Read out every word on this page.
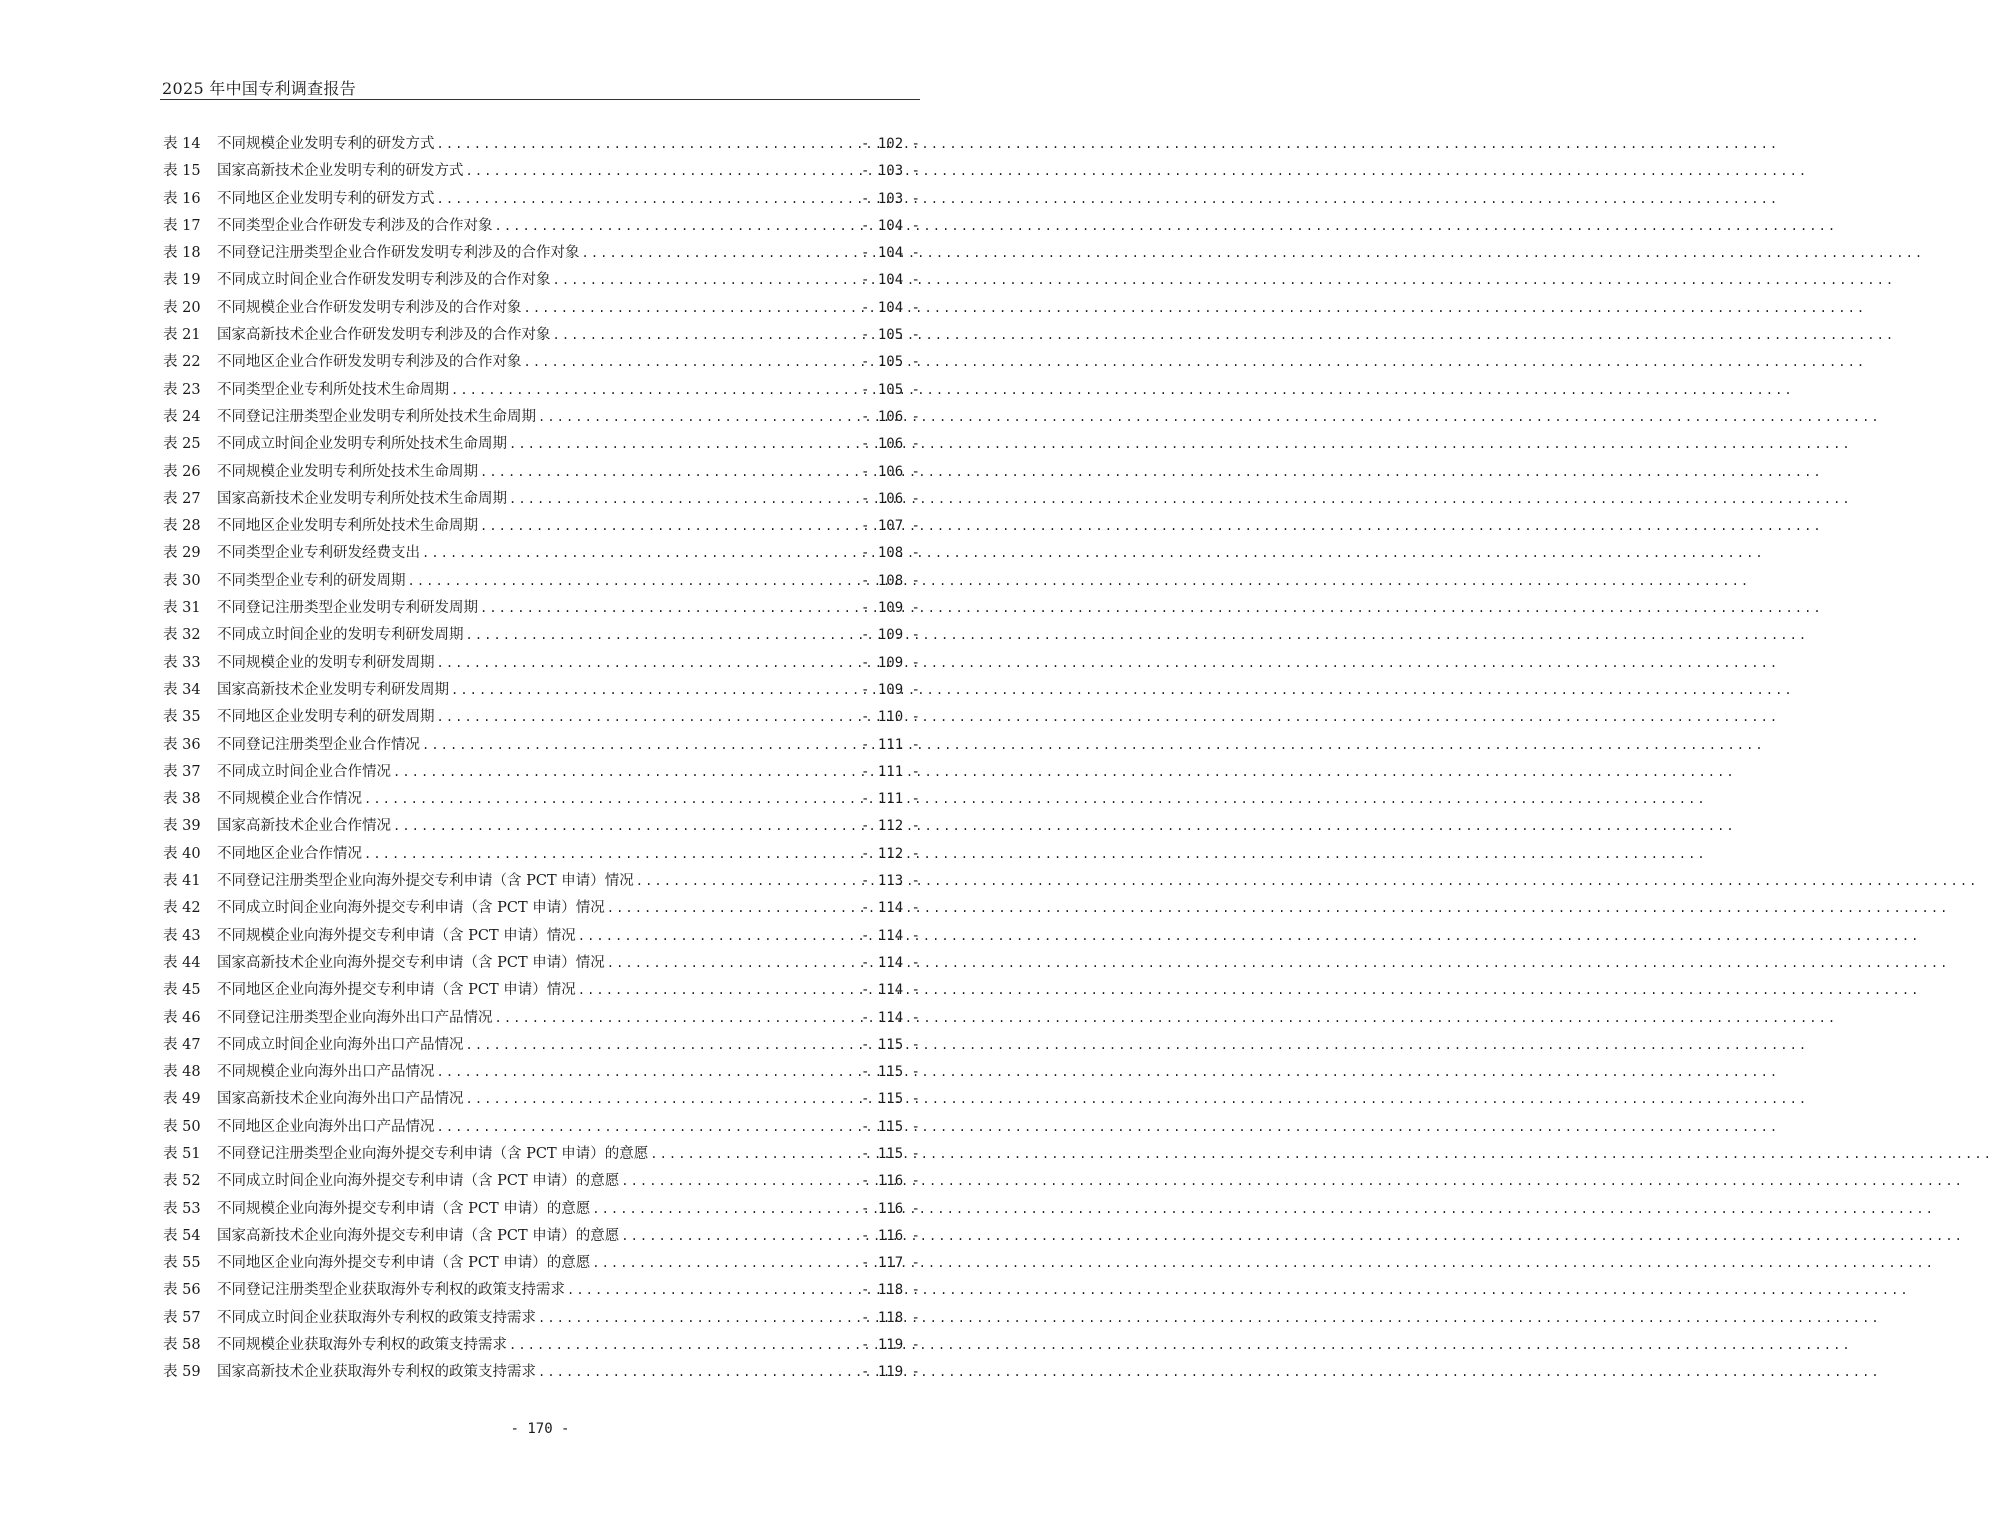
2025 年中国专利调查报告
表 14	不同规模企业发明专利的研发方式 .....	- 102 -
表 15	国家高新技术企业发明专利的研发方式 .....	- 103 -
表 16	不同地区企业发明专利的研发方式 .....	- 103 -
表 17	不同类型企业合作研发专利涉及的合作对象 .....	- 104 -
表 18	不同登记注册类型企业合作研发发明专利涉及的合作对象 .....	- 104 -
表 19	不同成立时间企业合作研发发明专利涉及的合作对象 .....	- 104 -
表 20	不同规模企业合作研发发明专利涉及的合作对象 .....	- 104 -
表 21	国家高新技术企业合作研发发明专利涉及的合作对象 .....	- 105 -
表 22	不同地区企业合作研发发明专利涉及的合作对象 .....	- 105 -
表 23	不同类型企业专利所处技术生命周期 .....	- 105 -
表 24	不同登记注册类型企业发明专利所处技术生命周期 .....	- 106 -
表 25	不同成立时间企业发明专利所处技术生命周期 .....	- 106 -
表 26	不同规模企业发明专利所处技术生命周期 .....	- 106 -
表 27	国家高新技术企业发明专利所处技术生命周期 .....	- 106 -
表 28	不同地区企业发明专利所处技术生命周期 .....	- 107 -
表 29	不同类型企业专利研发经费支出 .....	- 108 -
表 30	不同类型企业专利的研发周期 .....	- 108 -
表 31	不同登记注册类型企业发明专利研发周期 .....	- 109 -
表 32	不同成立时间企业的发明专利研发周期 .....	- 109 -
表 33	不同规模企业的发明专利研发周期 .....	- 109 -
表 34	国家高新技术企业发明专利研发周期 .....	- 109 -
表 35	不同地区企业发明专利的研发周期 .....	- 110 -
表 36	不同登记注册类型企业合作情况 .....	- 111 -
表 37	不同成立时间企业合作情况 .....	- 111 -
表 38	不同规模企业合作情况 .....	- 111 -
表 39	国家高新技术企业合作情况 .....	- 112 -
表 40	不同地区企业合作情况 .....	- 112 -
表 41	不同登记注册类型企业向海外提交专利申请（含 PCT 申请）情况 .....	- 113 -
表 42	不同成立时间企业向海外提交专利申请（含 PCT 申请）情况 .....	- 114 -
表 43	不同规模企业向海外提交专利申请（含 PCT 申请）情况 .....	- 114 -
表 44	国家高新技术企业向海外提交专利申请（含 PCT 申请）情况 .....	- 114 -
表 45	不同地区企业向海外提交专利申请（含 PCT 申请）情况 .....	- 114 -
表 46	不同登记注册类型企业向海外出口产品情况 .....	- 114 -
表 47	不同成立时间企业向海外出口产品情况 .....	- 115 -
表 48	不同规模企业向海外出口产品情况 .....	- 115 -
表 49	国家高新技术企业向海外出口产品情况 .....	- 115 -
表 50	不同地区企业向海外出口产品情况 .....	- 115 -
表 51	不同登记注册类型企业向海外提交专利申请（含 PCT 申请）的意愿 .....	- 115 -
表 52	不同成立时间企业向海外提交专利申请（含 PCT 申请）的意愿 .....	- 116 -
表 53	不同规模企业向海外提交专利申请（含 PCT 申请）的意愿 .....	- 116 -
表 54	国家高新技术企业向海外提交专利申请（含 PCT 申请）的意愿 .....	- 116 -
表 55	不同地区企业向海外提交专利申请（含 PCT 申请）的意愿 .....	- 117 -
表 56	不同登记注册类型企业获取海外专利权的政策支持需求 .....	- 118 -
表 57	不同成立时间企业获取海外专利权的政策支持需求 .....	- 118 -
表 58	不同规模企业获取海外专利权的政策支持需求 .....	- 119 -
表 59	国家高新技术企业获取海外专利权的政策支持需求 .....	- 119 -
- 170 -
